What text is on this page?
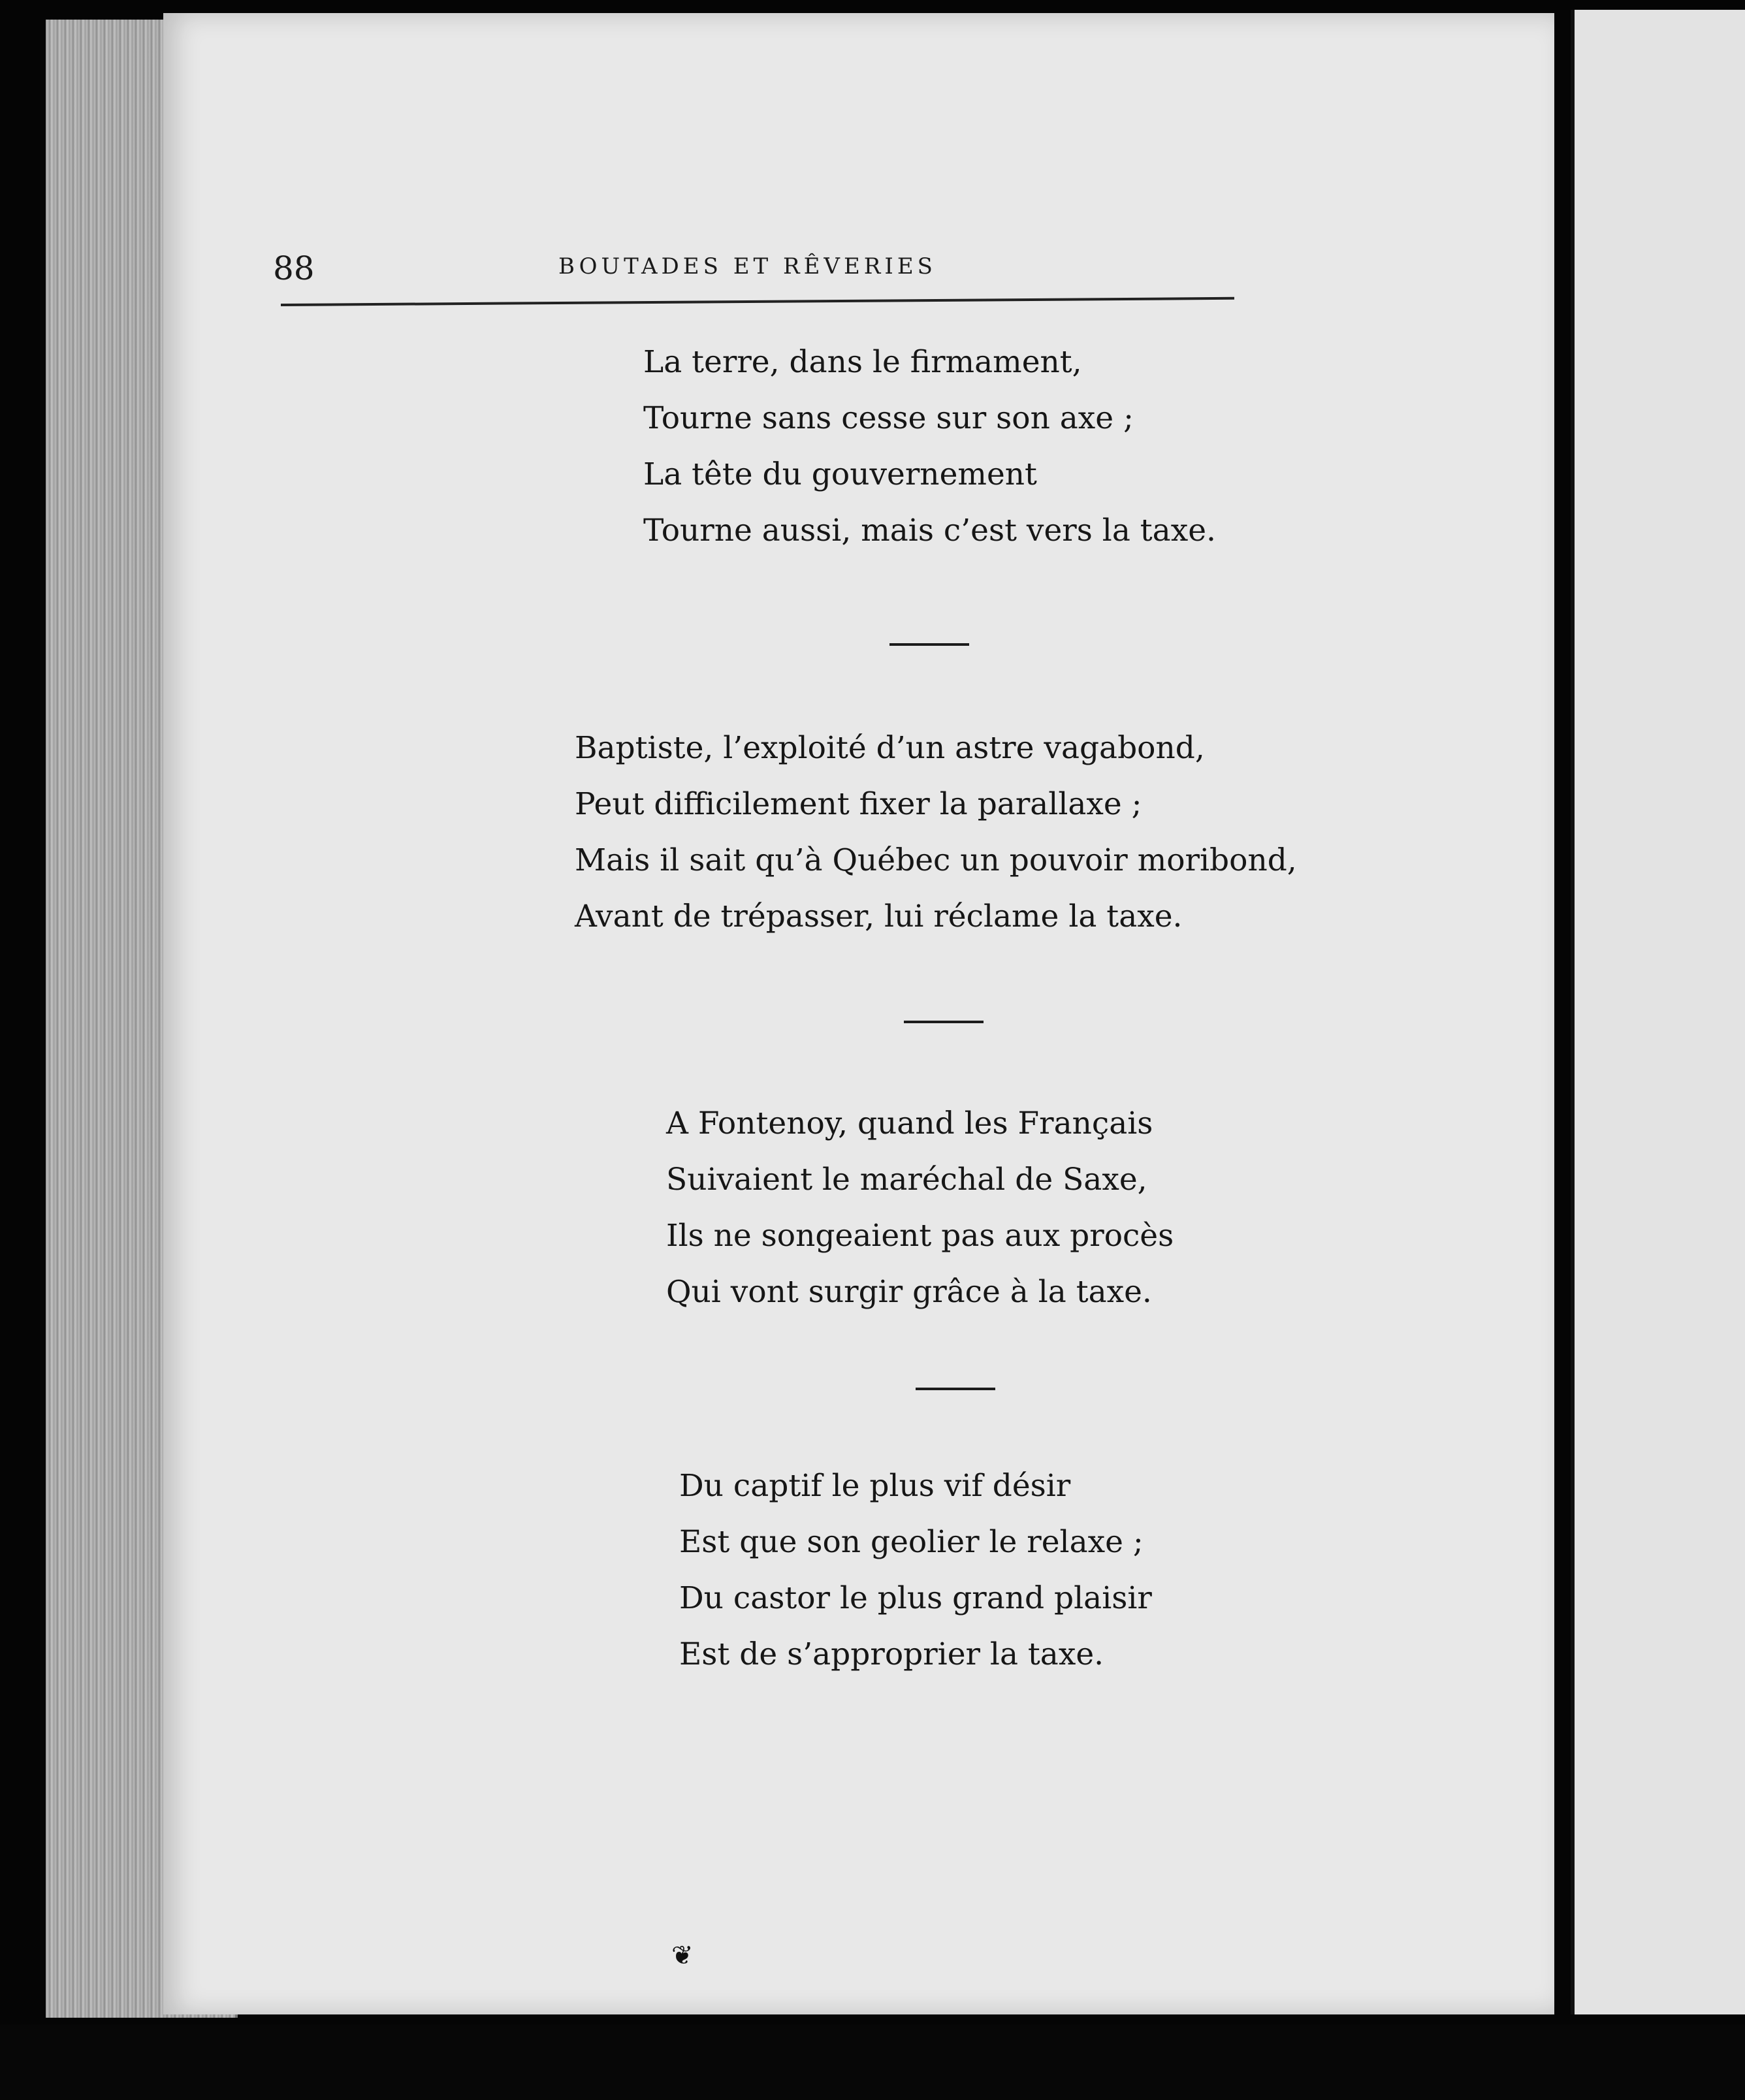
88	BOUTADES ET RÊVERIES
La terre, dans le firmament,
Tourne sans cesse sur son axe ;
La tête du gouvernement
Tourne aussi, mais c’est vers la taxe.
Baptiste, l’exploité d’un astre vagabond,
Peut difficilement fixer la parallaxe ;
Mais il sait qu’à Québec un pouvoir moribond,
Avant de trépasser, lui réclame la taxe.
A Fontenoy, quand les Français
Suivaient le maréchal de Saxe,
Ils ne songeaient pas aux procès
Qui vont surgir grâce à la taxe.
Du captif le plus vif désir
Est que son geolier le relaxe ;
Du castor le plus grand plaisir
Est de s’approprier la taxe.
❦
